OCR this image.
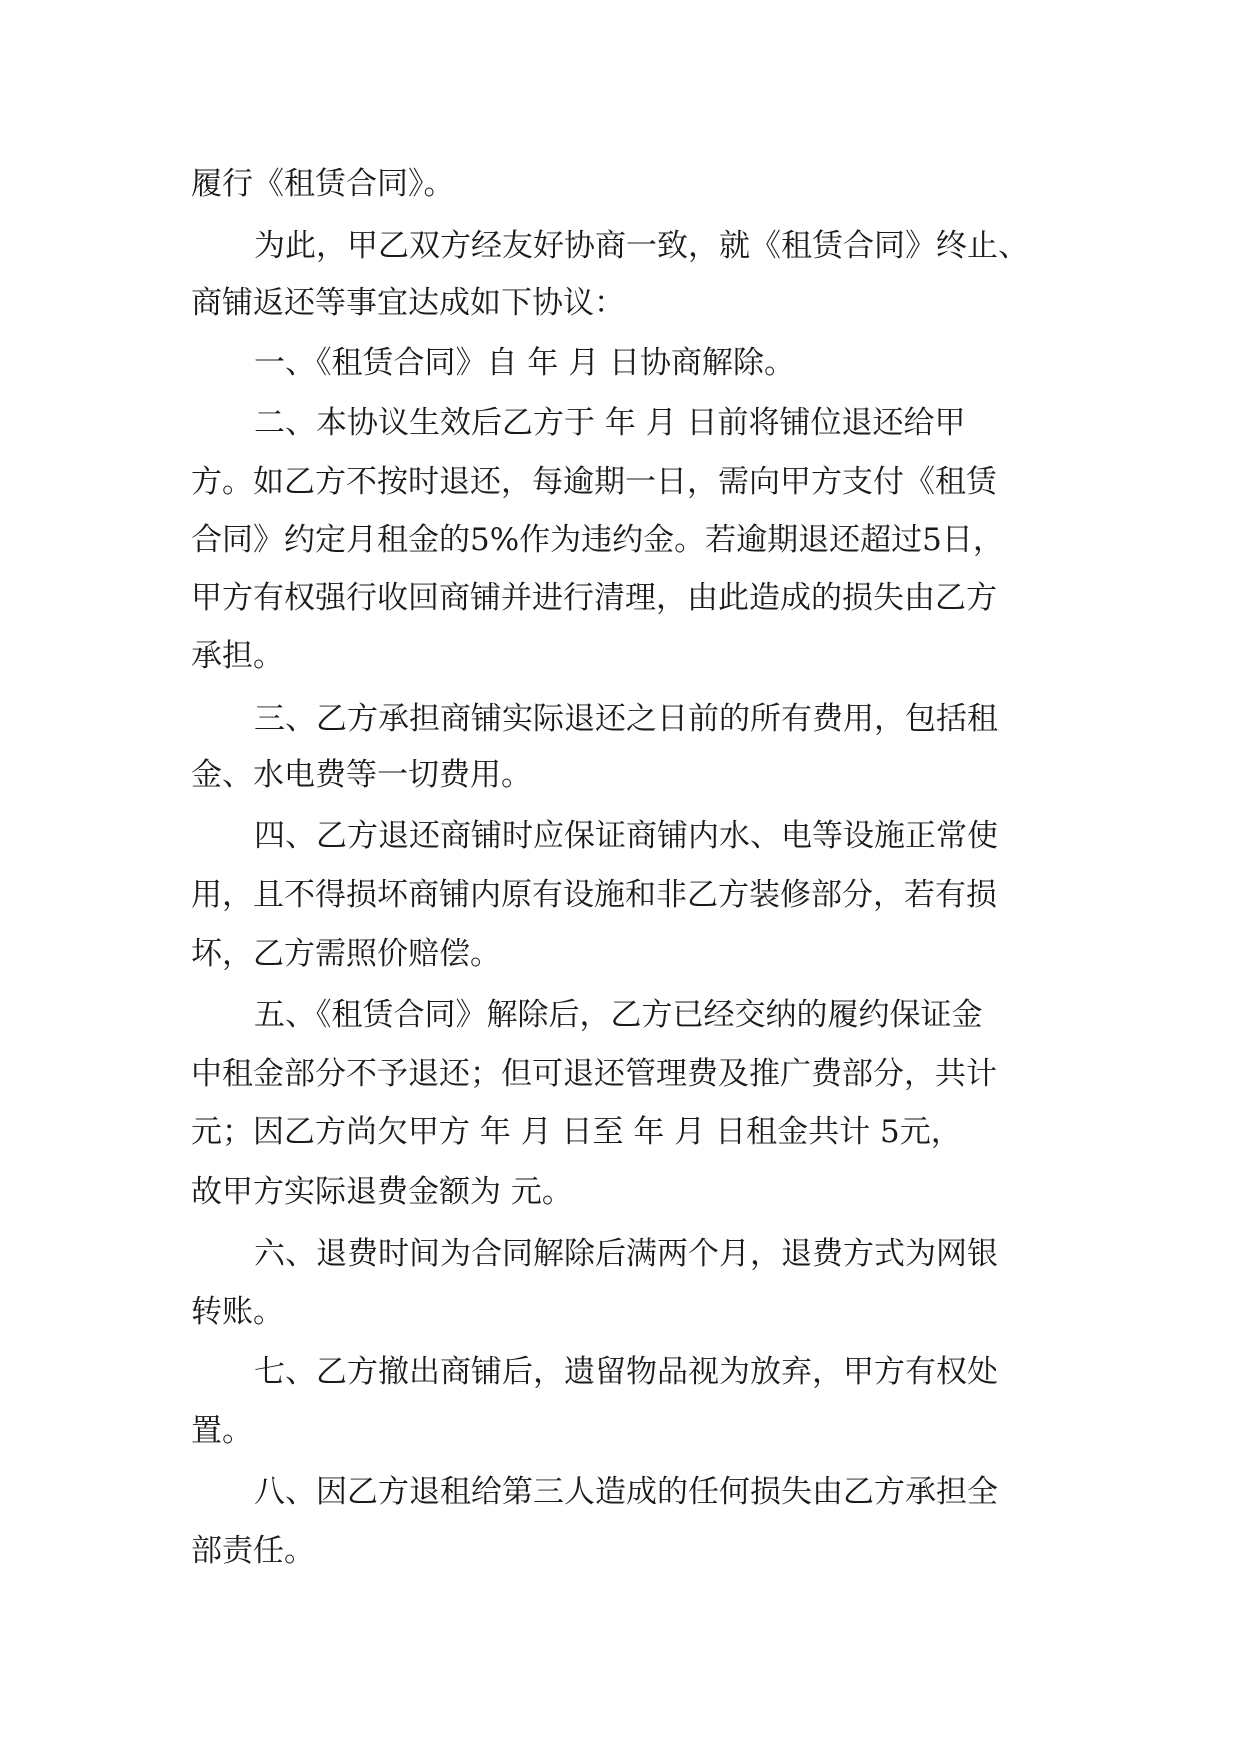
履行《租赁合同》。
为此，甲乙双方经友好协商一致，就《租赁合同》终止、
商铺返还等事宜达成如下协议：
一、《租赁合同》自 年 月 日协商解除。
二、本协议生效后乙方于 年 月 日前将铺位退还给甲
方。如乙方不按时退还，每逾期一日，需向甲方支付《租赁
合同》约定月租金的5%作为违约金。若逾期退还超过5日，
甲方有权强行收回商铺并进行清理，由此造成的损失由乙方
承担。
三、乙方承担商铺实际退还之日前的所有费用，包括租
金、水电费等一切费用。
四、乙方退还商铺时应保证商铺内水、电等设施正常使
用，且不得损坏商铺内原有设施和非乙方装修部分，若有损
坏，乙方需照价赔偿。
五、《租赁合同》解除后，乙方已经交纳的履约保证金
中租金部分不予退还；但可退还管理费及推广费部分，共计
元；因乙方尚欠甲方 年 月 日至 年 月 日租金共计 5元，
故甲方实际退费金额为 元。
六、退费时间为合同解除后满两个月，退费方式为网银
转账。
七、乙方撤出商铺后，遗留物品视为放弃，甲方有权处
置。
八、因乙方退租给第三人造成的任何损失由乙方承担全
部责任。
